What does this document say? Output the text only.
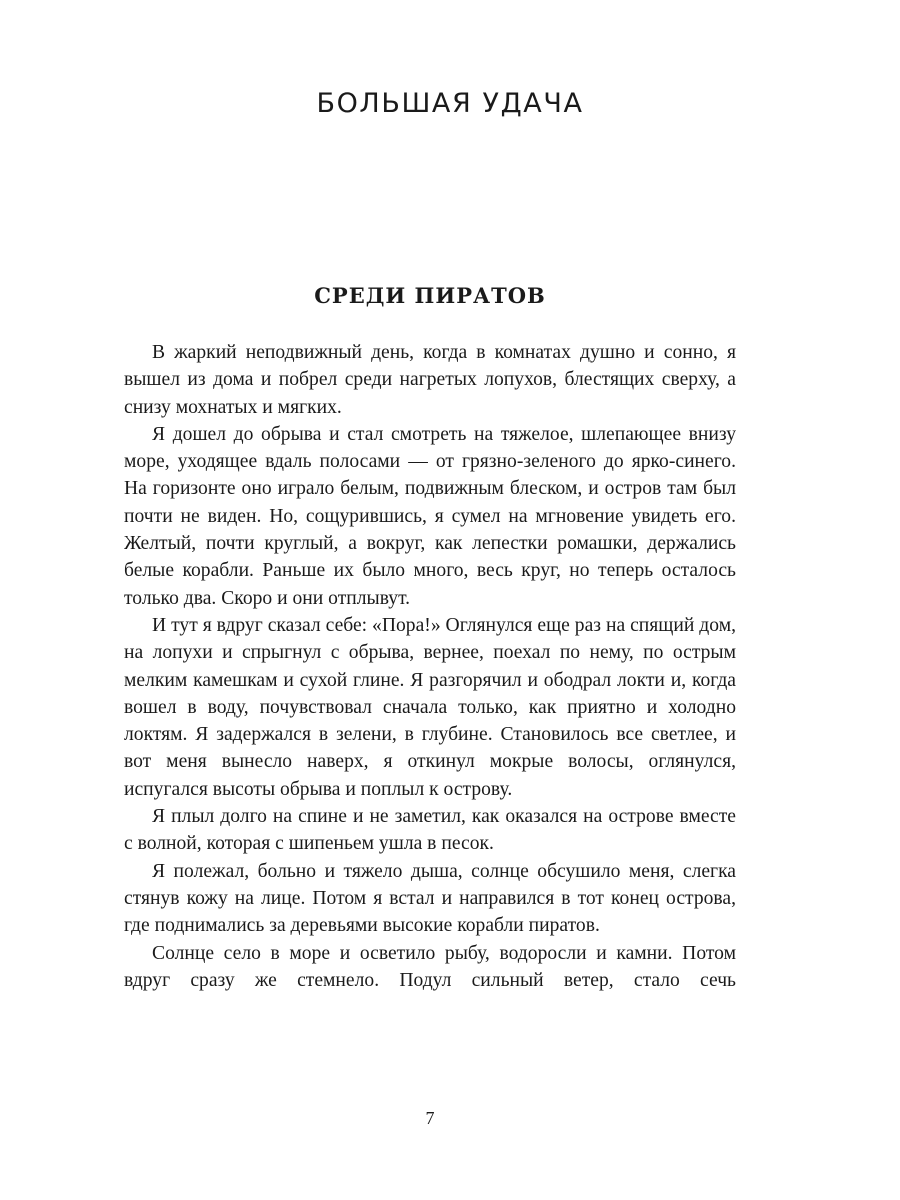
БОЛЬШАЯ УДАЧА
СРЕДИ ПИРАТОВ

В жаркий неподвижный день, когда в комнатах душно и сонно, я вышел из дома и побрел среди нагретых лопухов, блестящих сверху, а снизу мохнатых и мягких.

Я дошел до обрыва и стал смотреть на тяжелое, шлепающее внизу море, уходящее вдаль полосами — от грязно-зеленого до ярко-синего. На горизонте оно играло белым, подвижным блеском, и остров там был почти не виден. Но, сощурившись, я сумел на мгновение увидеть его. Желтый, почти круглый, а вокруг, как лепестки ромашки, держались белые корабли. Раньше их было много, весь круг, но теперь осталось только два. Скоро и они отплывут.

И тут я вдруг сказал себе: «Пора!» Оглянулся еще раз на спящий дом, на лопухи и спрыгнул с обрыва, вернее, поехал по нему, по острым мелким камешкам и сухой глине. Я разгорячил и ободрал локти и, когда вошел в воду, почувствовал сначала только, как приятно и холодно локтям. Я задержался в зелени, в глубине. Становилось все светлее, и вот меня вынесло наверх, я откинул мокрые волосы, оглянулся, испугался высоты обрыва и поплыл к острову.

Я плыл долго на спине и не заметил, как оказался на острове вместе с волной, которая с шипеньем ушла в песок.

Я полежал, больно и тяжело дыша, солнце обсушило меня, слегка стянув кожу на лице. Потом я встал и направился в тот конец острова, где поднимались за деревьями высокие корабли пиратов.

Солнце село в море и осветило рыбу, водоросли и камни. Потом вдруг сразу же стемнело. Подул сильный ветер, стало сечь

7
